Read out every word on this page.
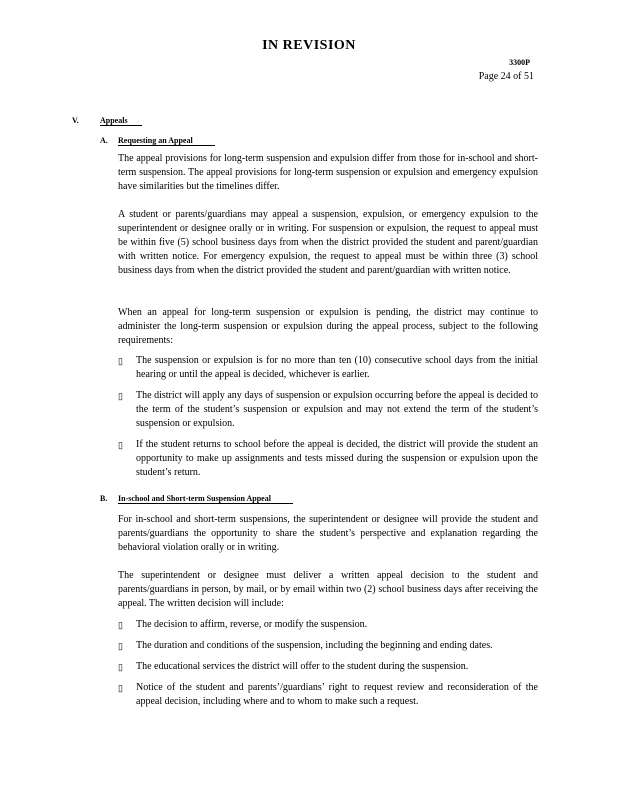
IN REVISION
3300P
Page 24 of 51
V.	Appeals
A. Requesting an Appeal

The appeal provisions for long-term suspension and expulsion differ from those for in-school and short-term suspension. The appeal provisions for long-term suspension or expulsion and emergency expulsion have similarities but the timelines differ.

A student or parents/guardians may appeal a suspension, expulsion, or emergency expulsion to the superintendent or designee orally or in writing. For suspension or expulsion, the request to appeal must be within five (5) school business days from when the district provided the student and parent/guardian with written notice. For emergency expulsion, the request to appeal must be within three (3) school business days from when the district provided the student and parent/guardian with written notice.

When an appeal for long-term suspension or expulsion is pending, the district may continue to administer the long-term suspension or expulsion during the appeal process, subject to the following requirements:

▯ The suspension or expulsion is for no more than ten (10) consecutive school days from the initial hearing or until the appeal is decided, whichever is earlier.
▯ The district will apply any days of suspension or expulsion occurring before the appeal is decided to the term of the student’s suspension or expulsion and may not extend the term of the student’s suspension or expulsion.
▯ If the student returns to school before the appeal is decided, the district will provide the student an opportunity to make up assignments and tests missed during the suspension or expulsion upon the student’s return.
B. In-school and Short-term Suspension Appeal

For in-school and short-term suspensions, the superintendent or designee will provide the student and parents/guardians the opportunity to share the student’s perspective and explanation regarding the behavioral violation orally or in writing.

The superintendent or designee must deliver a written appeal decision to the student and parents/guardians in person, by mail, or by email within two (2) school business days after receiving the appeal. The written decision will include:

▯ The decision to affirm, reverse, or modify the suspension.
▯ The duration and conditions of the suspension, including the beginning and ending dates.
▯ The educational services the district will offer to the student during the suspension.
▯ Notice of the student and parents’/guardians’ right to request review and reconsideration of the appeal decision, including where and to whom to make such a request.
